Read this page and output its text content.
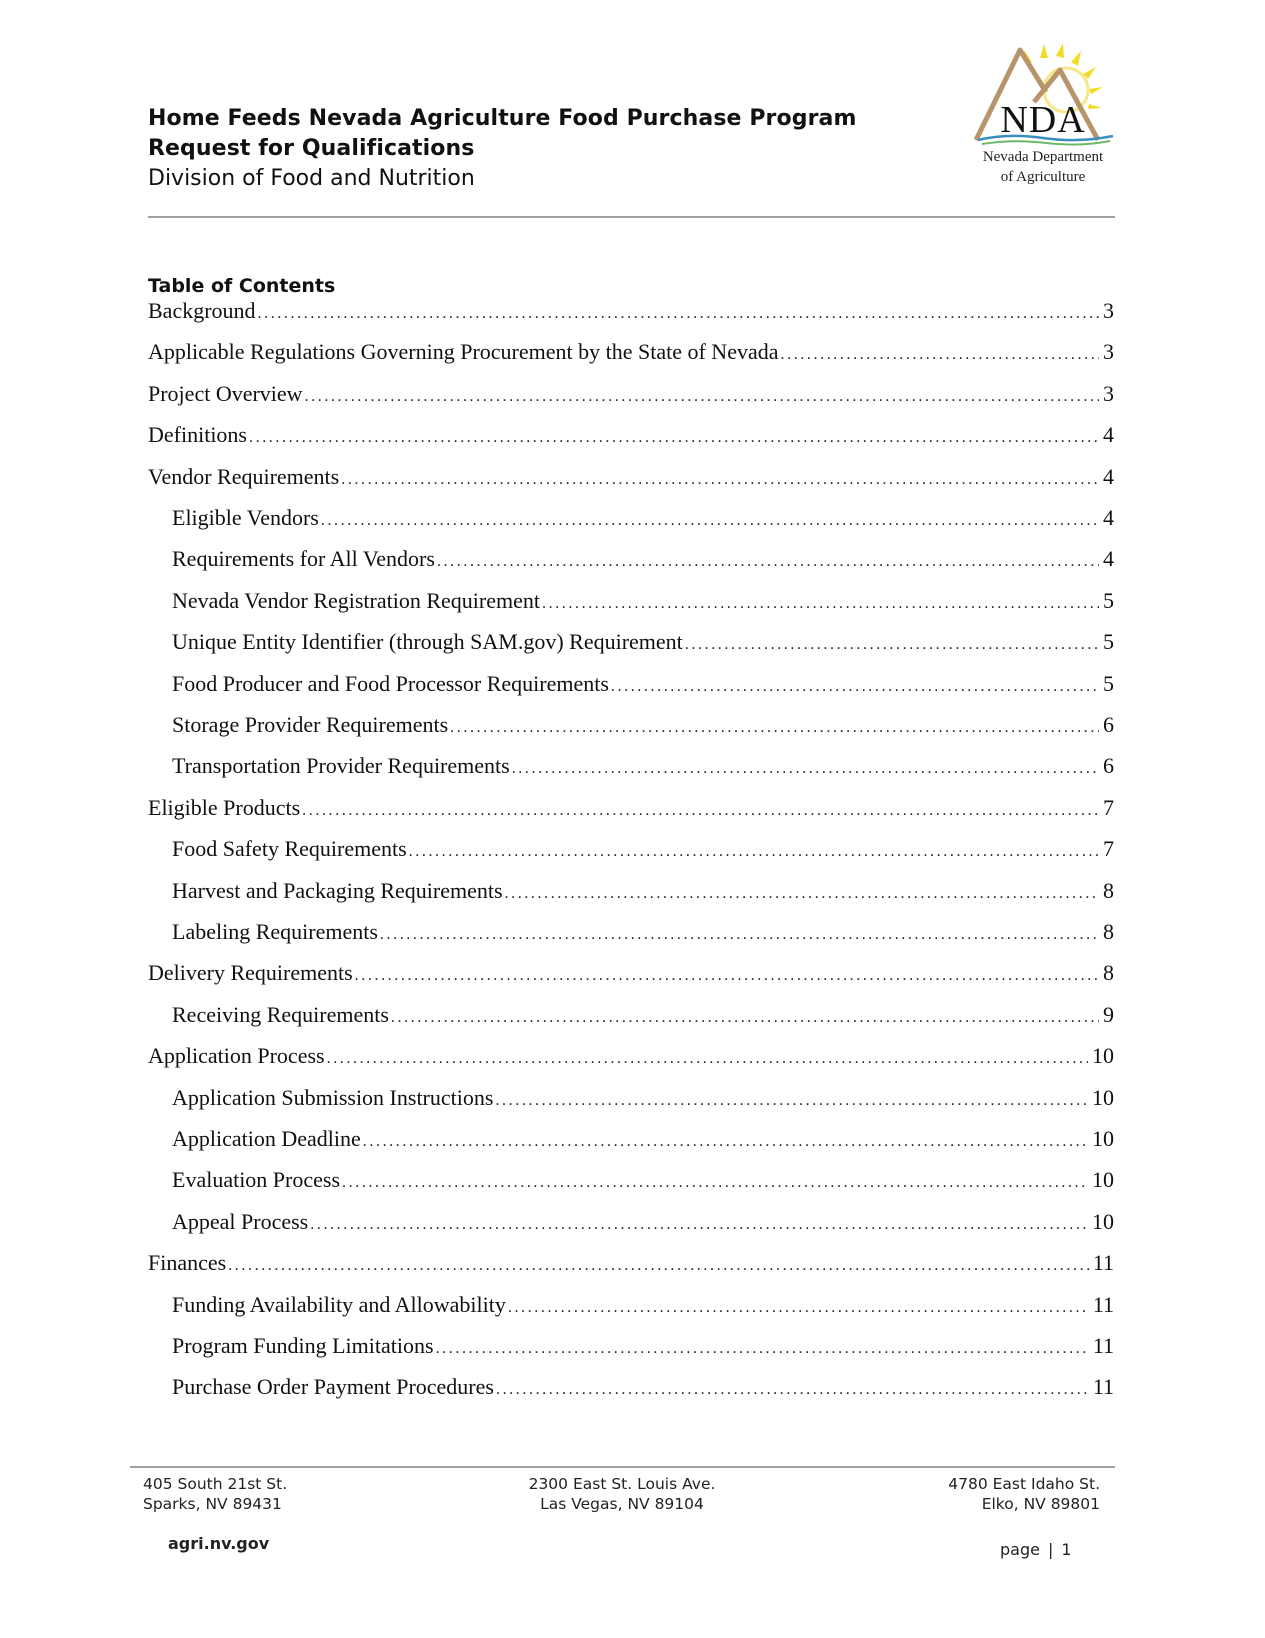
Home Feeds Nevada Agriculture Food Purchase Program
Request for Qualifications
Division of Food and Nutrition
NDA
Nevada Department
of Agriculture
Table of Contents
Background .....	3
Applicable Regulations Governing Procurement by the State of Nevada .....	3
Project Overview .....	3
Definitions .....	4
Vendor Requirements .....	4
Eligible Vendors .....	4
Requirements for All Vendors .....	4
Nevada Vendor Registration Requirement .....	5
Unique Entity Identifier (through SAM.gov) Requirement .....	5
Food Producer and Food Processor Requirements .....	5
Storage Provider Requirements .....	6
Transportation Provider Requirements .....	6
Eligible Products .....	7
Food Safety Requirements .....	7
Harvest and Packaging Requirements .....	8
Labeling Requirements .....	8
Delivery Requirements .....	8
Receiving Requirements .....	9
Application Process .....	10
Application Submission Instructions .....	10
Application Deadline .....	10
Evaluation Process .....	10
Appeal Process .....	10
Finances .....	11
Funding Availability and Allowability .....	11
Program Funding Limitations .....	11
Purchase Order Payment Procedures .....	11
405 South 21st St.
Sparks, NV 89431
2300 East St. Louis Ave.
Las Vegas, NV 89104
4780 East Idaho St.
Elko, NV 89801
agri.nv.gov	page | 1
